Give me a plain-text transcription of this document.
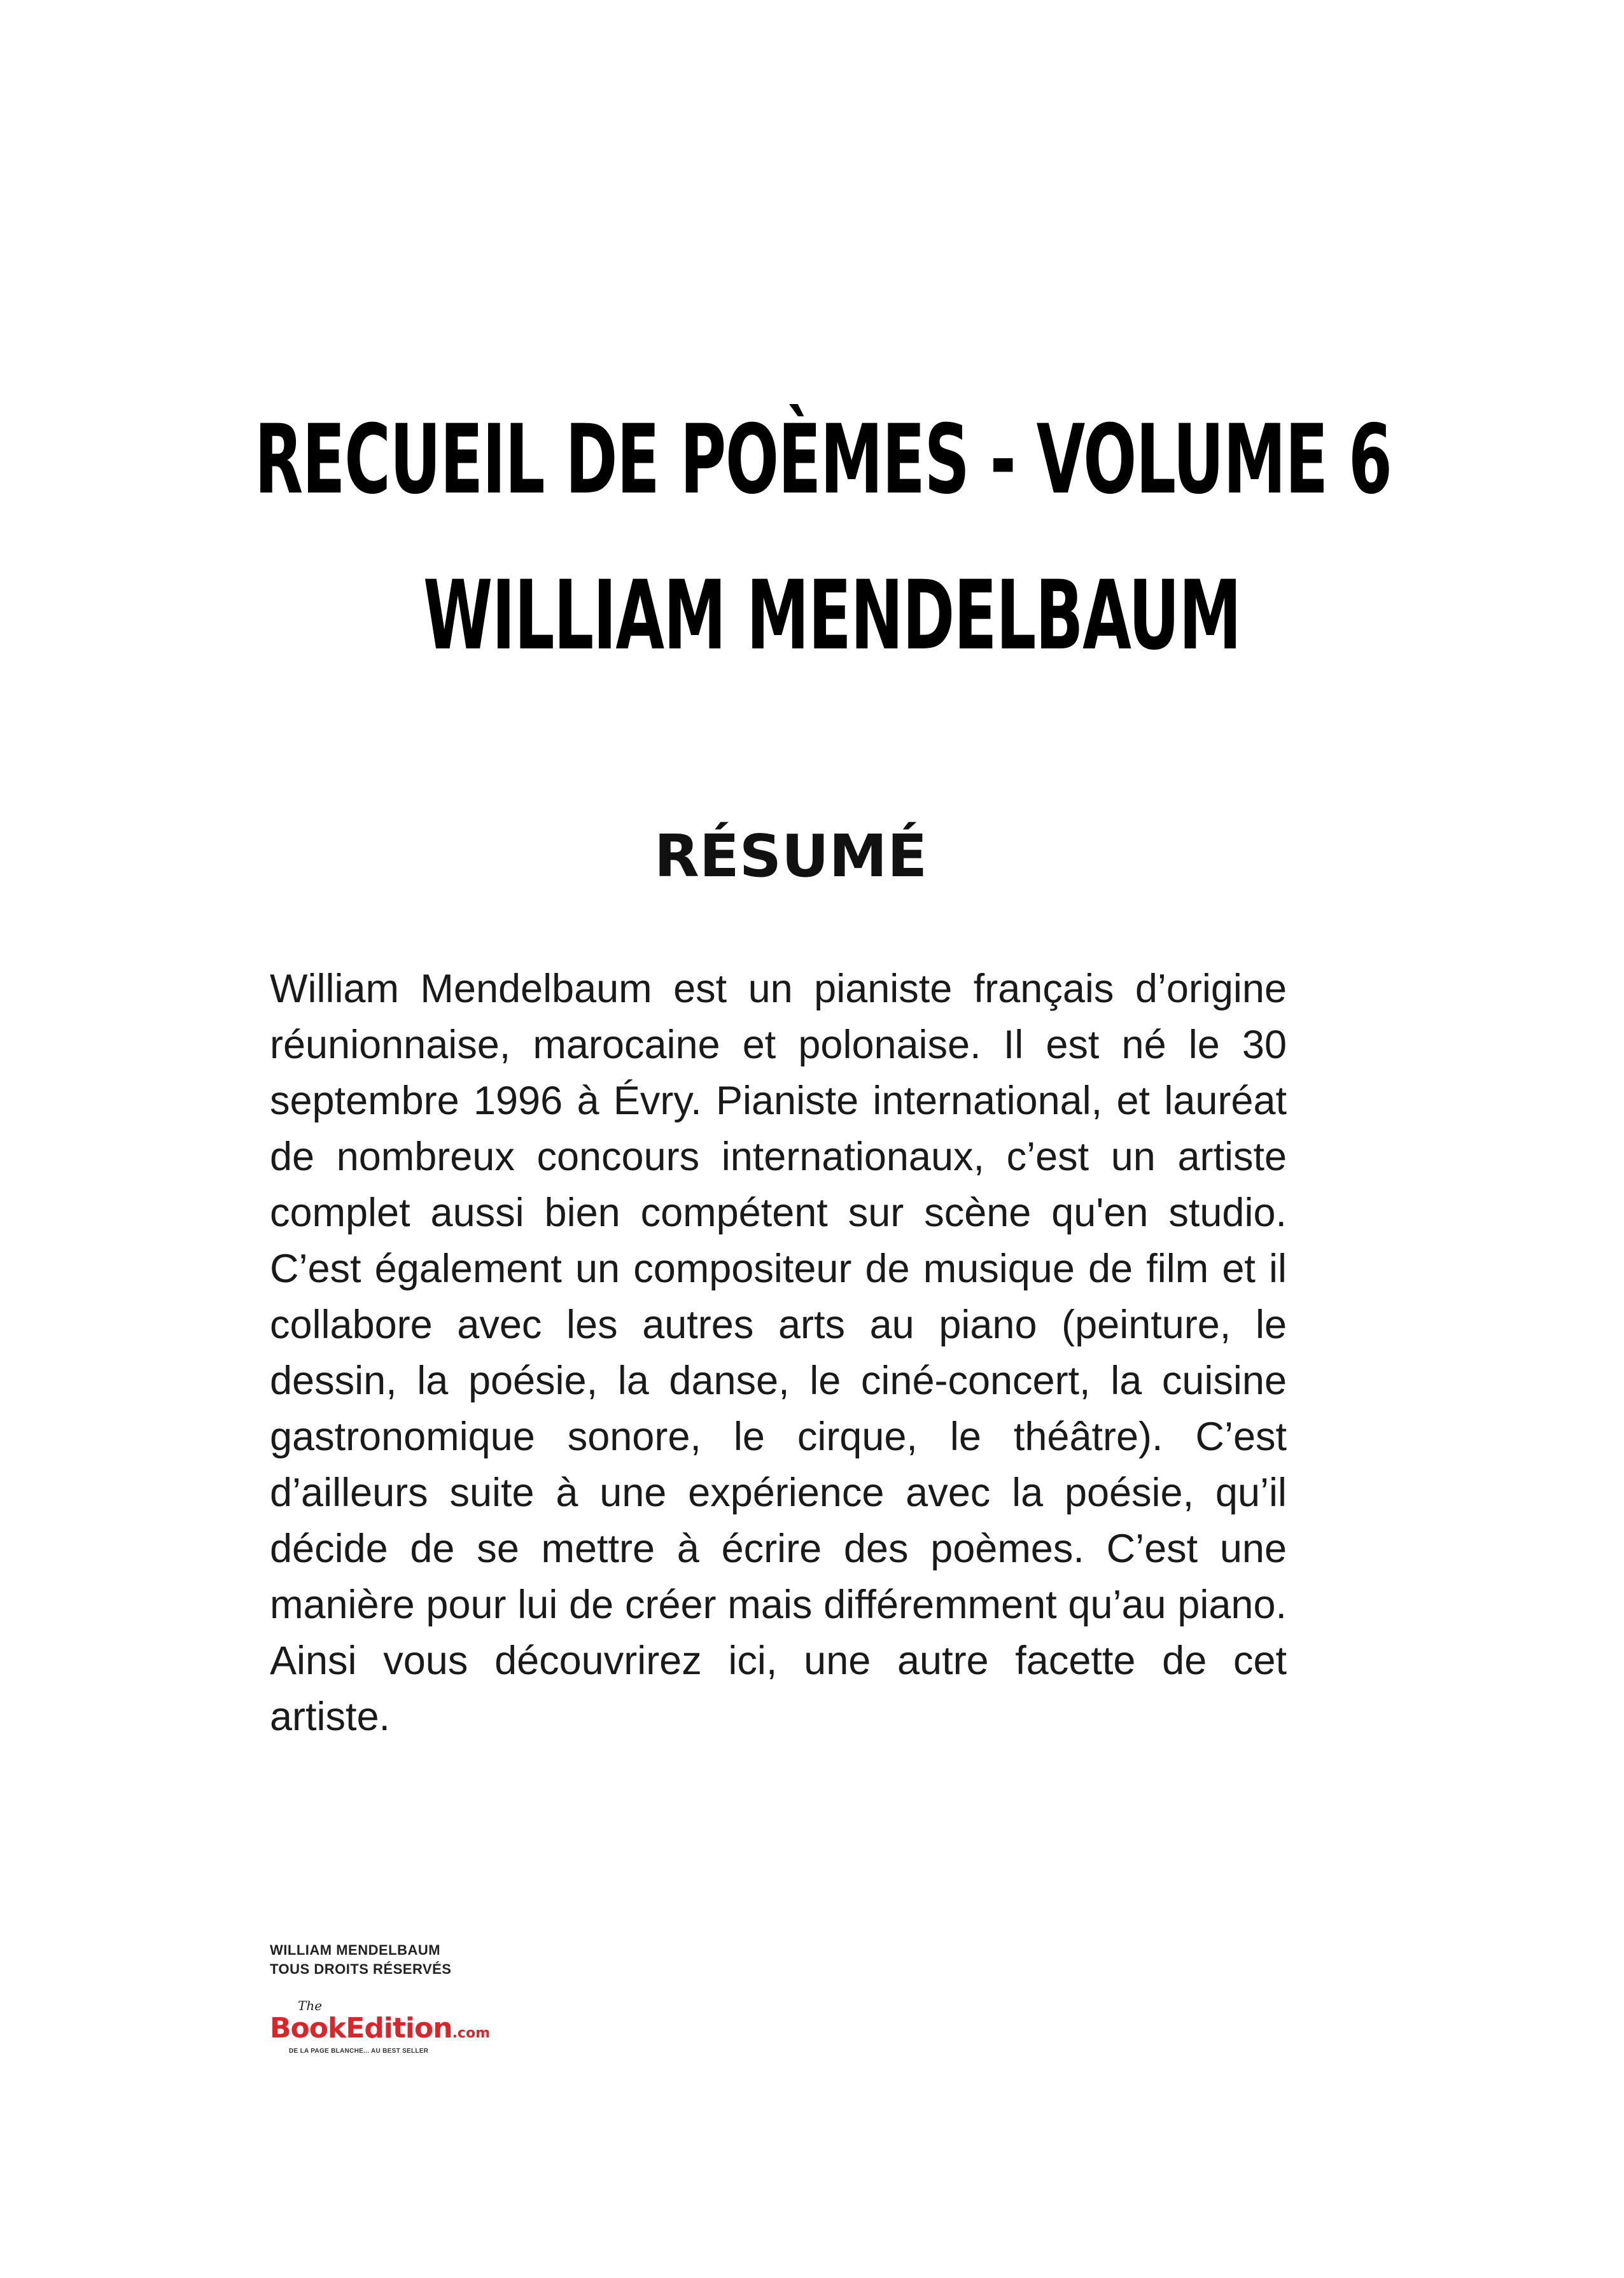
RECUEIL DE POÈMES - VOLUME 6
WILLIAM MENDELBAUM
RÉSUMÉ

William Mendelbaum est un pianiste français d’origine réunionnaise, marocaine et polonaise. Il est né le 30 septembre 1996 à Évry. Pianiste international, et lauréat de nombreux concours internationaux, c’est un artiste complet aussi bien compétent sur scène qu'en studio. C’est également un compositeur de musique de film et il collabore avec les autres arts au piano (peinture, le dessin, la poésie, la danse, le ciné-concert, la cuisine gastronomique sonore, le cirque, le théâtre). C’est d’ailleurs suite à une expérience avec la poésie, qu’il décide de se mettre à écrire des poèmes. C’est une manière pour lui de créer mais différemment qu’au piano. Ainsi vous découvrirez ici, une autre facette de cet artiste.

WILLIAM MENDELBAUM
TOUS DROITS RÉSERVÉS
The
BookEdition.com
DE LA PAGE BLANCHE... AU BEST SELLER
